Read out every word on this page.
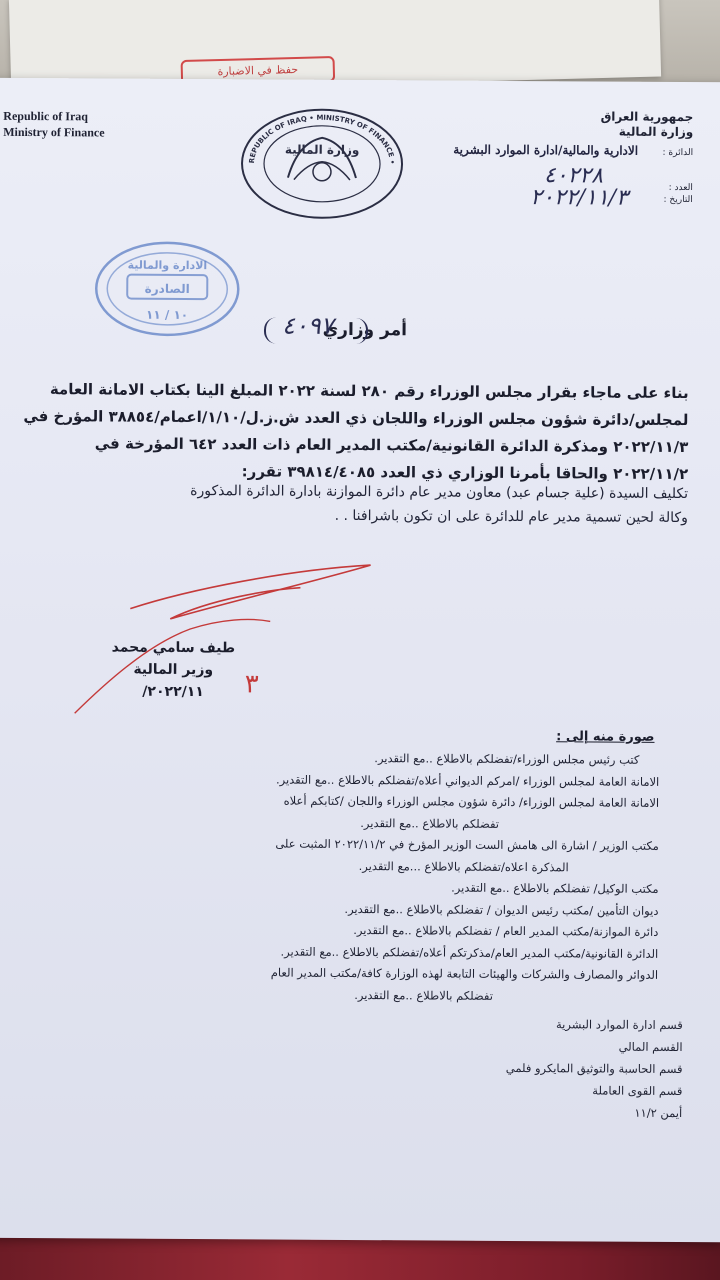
حفظ في الاضبارة
Republic of Iraq
Ministry of Finance
جمهورية العراق
وزارة المالية
الدائرة :
الادارية والمالية/ادارة الموارد البشرية
العدد :
التاريخ :
٤٠٢٢٨
٢٠٢٢/١١/٣
REPUBLIC OF IRAQ • MINISTRY OF FINANCE •
وزارة المالية
الادارة والمالية
الصادرة
١٠ / ١١
أمر وزاري
٤٠٩٧
بناء على ماجاء بقرار مجلس الوزراء رقم ٢٨٠ لسنة ٢٠٢٢ المبلغ الينا بكتاب الامانة العامة
لمجلس/دائرة شؤون مجلس الوزراء واللجان ذي العدد ش.ز.ل/١/١٠/اعمام/٣٨٨٥٤ المؤرخ في
٢٠٢٢/١١/٣ ومذكرة الدائرة القانونية/مكتب المدير العام ذات العدد ٦٤٢ المؤرخة في
٢٠٢٢/١١/٢ والحاقا بأمرنا الوزاري ذي العدد ٣٩٨١٤/٤٠٨٥ تقرر:
تكليف السيدة (علية جسام عبد) معاون مدير عام دائرة الموازنة بادارة الدائرة المذكورة
وكالة لحين تسمية مدير عام للدائرة على ان تكون باشرافنا . .
٣
طيف سامي محمد
وزير المالية
٢٠٢٢/١١/
صورة منه إلى :
كتب رئيس مجلس الوزراء/تفضلكم بالاطلاع ..مع التقدير.
الامانة العامة لمجلس الوزراء /امركم الديواني أعلاه/تفضلكم بالاطلاع ..مع التقدير.
الامانة العامة لمجلس الوزراء/ دائرة شؤون مجلس الوزراء واللجان /كتابكم أعلاه
تفضلكم بالاطلاع ..مع التقدير.
مكتب الوزير / اشارة الى هامش الست الوزير المؤرخ في ٢٠٢٢/١١/٢ المثبت على
المذكرة اعلاه/تفضلكم بالاطلاع ...مع التقدير.
مكتب الوكيل/ تفضلكم بالاطلاع ..مع التقدير.
ديوان التأمين /مكتب رئيس الديوان / تفضلكم بالاطلاع ..مع التقدير.
دائرة الموازنة/مكتب المدير العام / تفضلكم بالاطلاع ..مع التقدير.
الدائرة القانونية/مكتب المدير العام/مذكرتكم أعلاه/تفضلكم بالاطلاع ..مع التقدير.
الدوائر والمصارف والشركات والهيئات التابعة لهذه الوزارة كافة/مكتب المدير العام
تفضلكم بالاطلاع ..مع التقدير.
قسم ادارة الموارد البشرية
القسم المالي
قسم الحاسبة والتوثيق المايكرو فلمي
قسم القوى العاملة
أيمن ١١/٢
